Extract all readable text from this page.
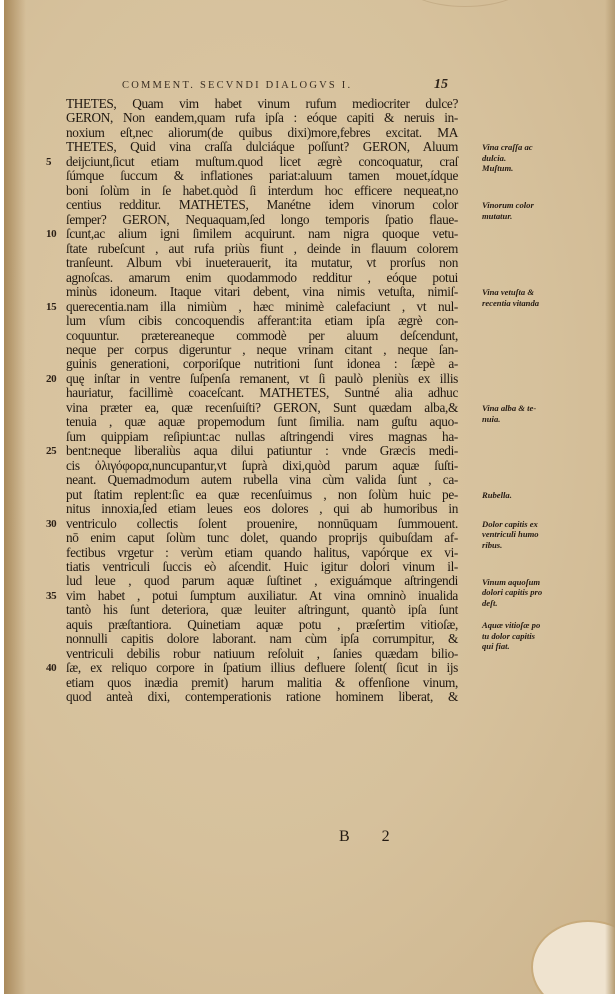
COMMENT. SECVNDI DIALOGVS I.	15
THETES, Quam vim habet vinum rufum mediocriter dulce?
GERON, Non eandem,quam rufa ipſa : eóque capiti & neruis in-
noxium eſt,nec aliorum(de quibus dixi)more,febres excitat. MA
THETES, Quid vina craſſa dulciáque poſſunt? GERON, Aluum
5	deijciunt,ſicut etiam muſtum.quod licet ægrè concoquatur, craſ
ſúmque ſuccum & inflationes pariat:aluum tamen mouet,ídque
boni ſolùm in ſe habet.quòd ſi interdum hoc efficere nequeat,no
centius redditur. MATHETES, Manétne idem vinorum color
ſemper? GERON, Nequaquam,ſed longo temporis ſpatio flaue-
10 ſcunt,ac alium igni ſimilem acquirunt. nam nigra quoque vetu-
ſtate rubeſcunt , aut rufa priùs fiunt , deinde in flauum colorem
tranſeunt. Album vbi inueterauerit, ita mutatur, vt prorſus non
agnoſcas. amarum enim quodammodo redditur , eóque potui
minùs idoneum. Itaque vitari debent, vina nimis vetuſta, nimiſ-
15 querecentia.nam illa nimiùm , hæc minimè calefaciunt , vt nul-
lum vſum cibis concoquendis afferant:ita etiam ipſa ægrè con-
coquuntur. prætereaneque commodè per aluum deſcendunt,
neque per corpus digeruntur , neque vrinam citant , neque ſan-
guinis generationi, corporiſque nutritioni ſunt idonea : ſæpè a-
20 quę inſtar in ventre ſuſpenſa remanent, vt ſi paulò pleniùs ex illis
hauriatur, facillimè coaceſcant. MATHETES, Suntné alia adhuc
vina præter ea, quæ recenſuiſti? GERON, Sunt quædam alba,&
tenuia , quæ aquæ propemodum ſunt ſimilia. nam guſtu aquo-
ſum quippiam reſipiunt:ac nullas aſtringendi vires magnas ha-
25 bent:neque liberaliùs aqua dilui patiuntur : vnde Græcis medi-
cis ὀλιγόφορα,nuncupantur,vt ſuprà dixi,quòd parum aquæ ſuſti-
neant. Quemadmodum autem rubella vina cùm valida ſunt , ca-
put ſtatim replent:ſic ea quæ recenſuimus , non ſolùm huic pe-
nitus innoxia,ſed etiam leues eos dolores , qui ab humoribus in
30 ventriculo collectis ſolent prouenire, nonnūquam ſummouent.
nō enim caput ſolùm tunc dolet, quando proprijs quibuſdam af-
fectibus vrgetur : verùm etiam quando halitus, vapórque ex vi-
tiatis ventriculi ſuccis eò aſcendit. Huic igitur dolori vinum il-
lud leue , quod parum aquæ ſuſtinet , exiguámque aſtringendi
35 vim habet , potui ſumptum auxiliatur. At vina omninò inualida
tantò his ſunt deteriora, quæ leuiter aſtringunt, quantò ipſa ſunt
aquis præſtantiora. Quinetiam aquæ potu , præſertim vitioſæ,
nonnulli capitis dolore laborant. nam cùm ipſa corrumpitur, &
ventriculi debilis robur natiuum reſoluit , ſanies quædam bilio-
40 ſæ, ex reliquo corpore in ſpatium illius defluere ſolent( ſicut in ijs
etiam quos inædia premit) harum malitia & offenſione vinum,
quod anteà dixi, contemperationis ratione hominem liberat, &
Vina craſſa ac
dulcia.
Muſtum.
Vinorum color
mutatur.
Vina vetuſta &
recentia vitanda
Vina alba & te-
nuia.
Rubella.
Dolor capitis ex
ventriculi humo
ribus.
Vinum aquoſum
dolori capitis pro
deſt.
Aquæ vitioſæ po
tu dolor capitis
qui fiat.
B 2
